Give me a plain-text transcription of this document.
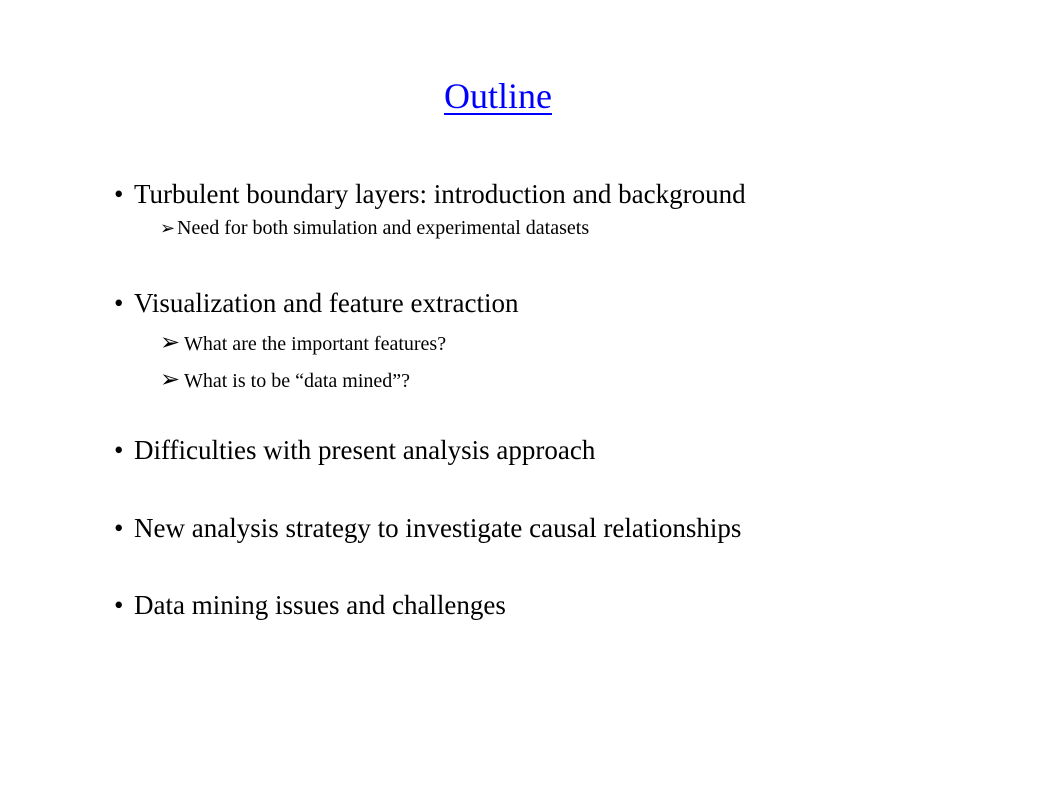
Outline
• Turbulent boundary layers: introduction and background
➢Need for both simulation and experimental datasets
• Visualization and feature extraction
➢ What are the important features?
➢ What is to be “data mined”?
• Difficulties with present analysis approach
• New analysis strategy to investigate causal relationships
• Data mining issues and challenges
